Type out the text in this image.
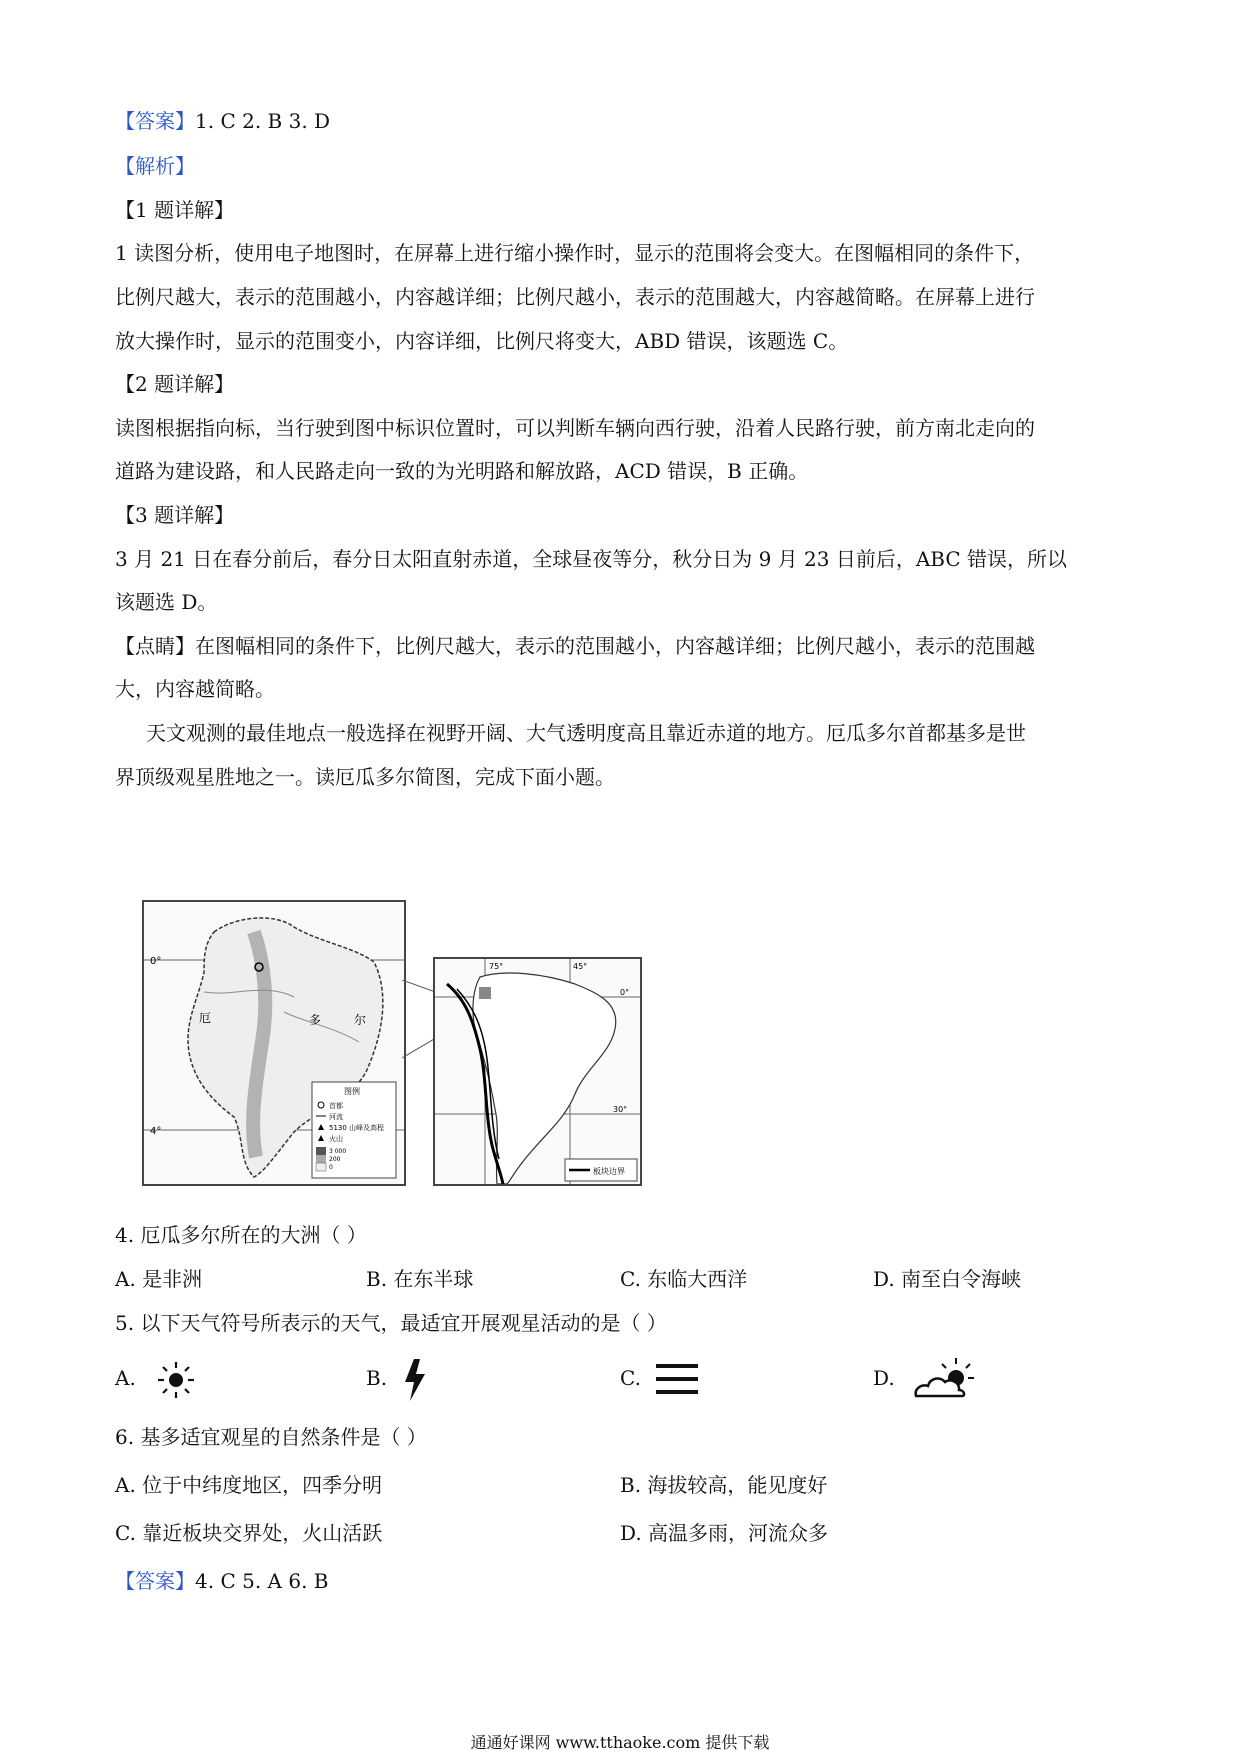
【答案】1. C 2. B 3. D
【解析】
【1 题详解】
1 读图分析，使用电子地图时，在屏幕上进行缩小操作时，显示的范围将会变大。在图幅相同的条件下，
比例尺越大，表示的范围越小，内容越详细；比例尺越小，表示的范围越大，内容越简略。在屏幕上进行
放大操作时，显示的范围变小，内容详细，比例尺将变大，ABD 错误，该题选 C。
【2 题详解】
读图根据指向标，当行驶到图中标识位置时，可以判断车辆向西行驶，沿着人民路行驶，前方南北走向的
道路为建设路，和人民路走向一致的为光明路和解放路，ACD 错误，B 正确。
【3 题详解】
3 月 21 日在春分前后，春分日太阳直射赤道，全球昼夜等分，秋分日为 9 月 23 日前后，ABC 错误，所以
该题选 D。
【点睛】在图幅相同的条件下，比例尺越大，表示的范围越小，内容越详细；比例尺越小，表示的范围越
大，内容越简略。
天文观测的最佳地点一般选择在视野开阔、大气透明度高且靠近赤道的地方。厄瓜多尔首都基多是世
界顶级观星胜地之一。读厄瓜多尔简图，完成下面小题。
0°
4°
厄	多	尔
图例
首都
河流
5130 山峰及高程
火山
3 000
200
0
75°	45°
0°
30°
板块边界
4. 厄瓜多尔所在的大洲（ ）
A. 是非洲	B. 在东半球	C. 东临大西洋	D. 南至白令海峡
5. 以下天气符号所表示的天气，最适宜开展观星活动的是（ ）
A.	B.	C.	D.
6. 基多适宜观星的自然条件是（ ）
A. 位于中纬度地区，四季分明	B. 海拔较高，能见度好
C. 靠近板块交界处，火山活跃	D. 高温多雨，河流众多
【答案】4. C 5. A 6. B
通通好课网 www.tthaoke.com 提供下载
